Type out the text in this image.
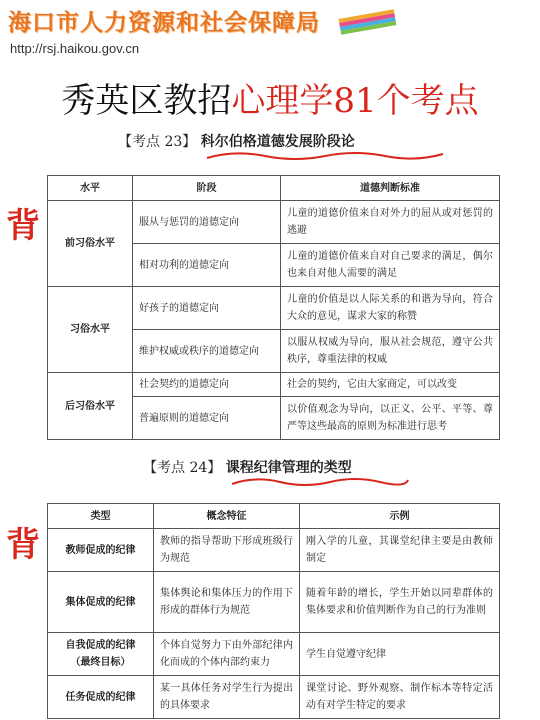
海口市人力资源和社会保障局
http://rsj.haikou.gov.cn
秀英区教招心理学81个考点
【考点 23】 科尔伯格道德发展阶段论
背
水平	阶段	道德判断标准
前习俗水平	服从与惩罚的道德定向	儿童的道德价值来自对外力的屈从或对惩罚的逃避
	相对功利的道德定向	儿童的道德价值来自对自己要求的满足，偶尔也来自对他人需要的满足
习俗水平	好孩子的道德定向	儿童的价值是以人际关系的和谐为导向，符合大众的意见，谋求大家的称赞
	维护权威或秩序的道德定向	以服从权威为导向，服从社会规范，遵守公共秩序，尊重法律的权威
后习俗水平	社会契约的道德定向	社会的契约，它由大家商定，可以改变
	普遍原则的道德定向	以价值观念为导向，以正义、公平、平等、尊严等这些最高的原则为标准进行思考
【考点 24】 课程纪律管理的类型
背
类型	概念特征	示例
教师促成的纪律	教师的指导帮助下形成班级行为规范	刚入学的儿童，其课堂纪律主要是由教师制定
集体促成的纪律	集体舆论和集体压力的作用下形成的群体行为规范	随着年龄的增长，学生开始以同辈群体的集体要求和价值判断作为自己的行为准则

自我促成的纪律
（最终目标）	个体自觉努力下由外部纪律内化而成的个体内部约束力	学生自觉遵守纪律
任务促成的纪律	某一具体任务对学生行为提出的具体要求	课堂讨论、野外观察、制作标本等特定活动有对学生特定的要求
